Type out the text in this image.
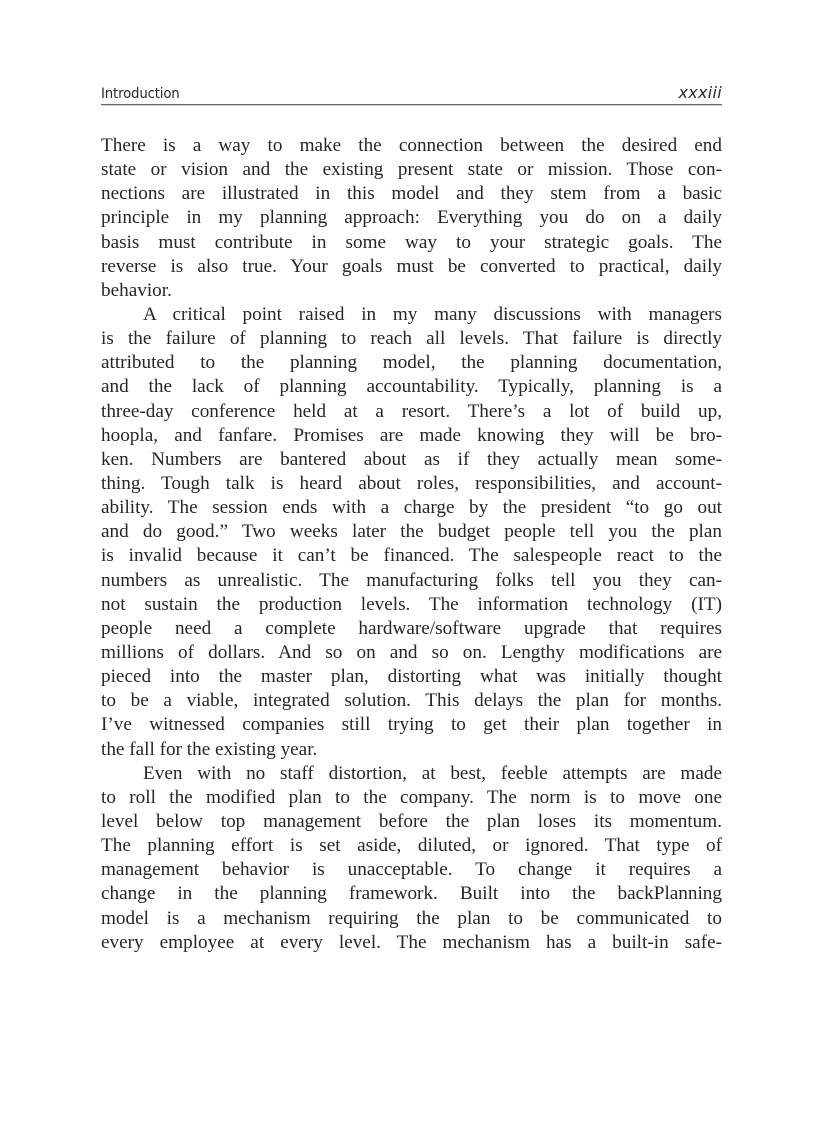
Introduction	xxxiii
There is a way to make the connection between the desired end
state or vision and the existing present state or mission. Those con-
nections are illustrated in this model and they stem from a basic
principle in my planning approach: Everything you do on a daily
basis must contribute in some way to your strategic goals. The
reverse is also true. Your goals must be converted to practical, daily
behavior.
A critical point raised in my many discussions with managers
is the failure of planning to reach all levels. That failure is directly
attributed to the planning model, the planning documentation,
and the lack of planning accountability. Typically, planning is a
three-day conference held at a resort. There’s a lot of build up,
hoopla, and fanfare. Promises are made knowing they will be bro-
ken. Numbers are bantered about as if they actually mean some-
thing. Tough talk is heard about roles, responsibilities, and account-
ability. The session ends with a charge by the president “to go out
and do good.” Two weeks later the budget people tell you the plan
is invalid because it can’t be financed. The salespeople react to the
numbers as unrealistic. The manufacturing folks tell you they can-
not sustain the production levels. The information technology (IT)
people need a complete hardware/software upgrade that requires
millions of dollars. And so on and so on. Lengthy modifications are
pieced into the master plan, distorting what was initially thought
to be a viable, integrated solution. This delays the plan for months.
I’ve witnessed companies still trying to get their plan together in
the fall for the existing year.
Even with no staff distortion, at best, feeble attempts are made
to roll the modified plan to the company. The norm is to move one
level below top management before the plan loses its momentum.
The planning effort is set aside, diluted, or ignored. That type of
management behavior is unacceptable. To change it requires a
change in the planning framework. Built into the backPlanning
model is a mechanism requiring the plan to be communicated to
every employee at every level. The mechanism has a built-in safe-
